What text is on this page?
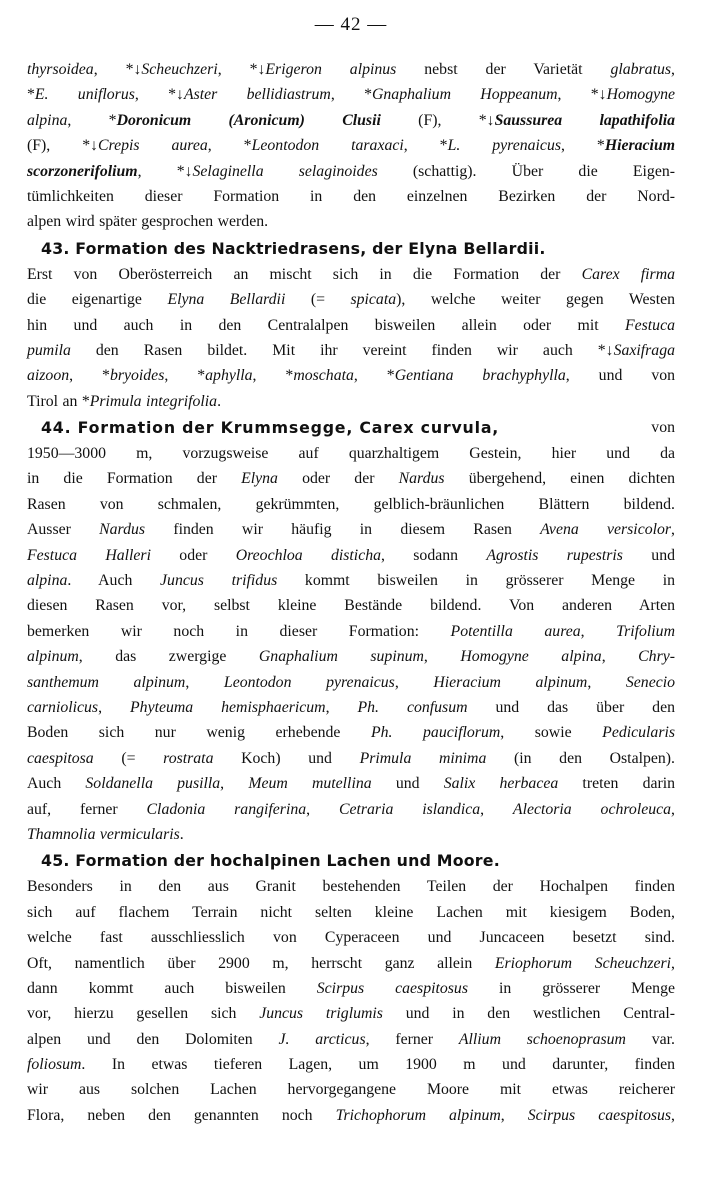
— 42 —
thyrsoidea, *↓Scheuchzeri, *↓Erigeron alpinus nebst der Varietät glabratus,
*E. uniflorus, *↓Aster bellidiastrum, *Gnaphalium Hoppeanum, *↓Homogyne
alpina, *Doronicum (Aronicum) Clusii (F), *↓Saussurea lapathifolia
(F), *↓Crepis aurea, *Leontodon taraxaci, *L. pyrenaicus, *Hieracium
scorzonerifolium, *↓Selaginella selaginoides (schattig). Über die Eigen-
tümlichkeiten dieser Formation in den einzelnen Bezirken der Nord-
alpen wird später gesprochen werden.
43. Formation des Nacktriedrasens, der Elyna Bellardii.
Erst von Oberösterreich an mischt sich in die Formation der Carex firma
die eigenartige Elyna Bellardii (= spicata), welche weiter gegen Westen
hin und auch in den Centralalpen bisweilen allein oder mit Festuca
pumila den Rasen bildet. Mit ihr vereint finden wir auch *↓Saxifraga
aizoon, *bryoides, *aphylla, *moschata, *Gentiana brachyphylla, und von
Tirol an *Primula integrifolia.
44. Formation der Krummsegge, Carex curvula,	von
1950—3000 m, vorzugsweise auf quarzhaltigem Gestein, hier und da
in die Formation der Elyna oder der Nardus übergehend, einen dichten
Rasen von schmalen, gekrümmten, gelblich-bräunlichen Blättern bildend.
Ausser Nardus finden wir häufig in diesem Rasen Avena versicolor,
Festuca Halleri oder Oreochloa disticha, sodann Agrostis rupestris und
alpina. Auch Juncus trifidus kommt bisweilen in grösserer Menge in
diesen Rasen vor, selbst kleine Bestände bildend. Von anderen Arten
bemerken wir noch in dieser Formation: Potentilla aurea, Trifolium
alpinum, das zwergige Gnaphalium supinum, Homogyne alpina, Chry-
santhemum alpinum, Leontodon pyrenaicus, Hieracium alpinum, Senecio
carniolicus, Phyteuma hemisphaericum, Ph. confusum und das über den
Boden sich nur wenig erhebende Ph. pauciflorum, sowie Pedicularis
caespitosa (= rostrata Koch) und Primula minima (in den Ostalpen).
Auch Soldanella pusilla, Meum mutellina und Salix herbacea treten darin
auf, ferner Cladonia rangiferina, Cetraria islandica, Alectoria ochroleuca,
Thamnolia vermicularis.
45. Formation der hochalpinen Lachen und Moore.
Besonders in den aus Granit bestehenden Teilen der Hochalpen finden
sich auf flachem Terrain nicht selten kleine Lachen mit kiesigem Boden,
welche fast ausschliesslich von Cyperaceen und Juncaceen besetzt sind.
Oft, namentlich über 2900 m, herrscht ganz allein Eriophorum Scheuchzeri,
dann kommt auch bisweilen Scirpus caespitosus in grösserer Menge
vor, hierzu gesellen sich Juncus triglumis und in den westlichen Central-
alpen und den Dolomiten J. arcticus, ferner Allium schoenoprasum var.
foliosum. In etwas tieferen Lagen, um 1900 m und darunter, finden
wir aus solchen Lachen hervorgegangene Moore mit etwas reicherer
Flora, neben den genannten noch Trichophorum alpinum, Scirpus caespitosus,
